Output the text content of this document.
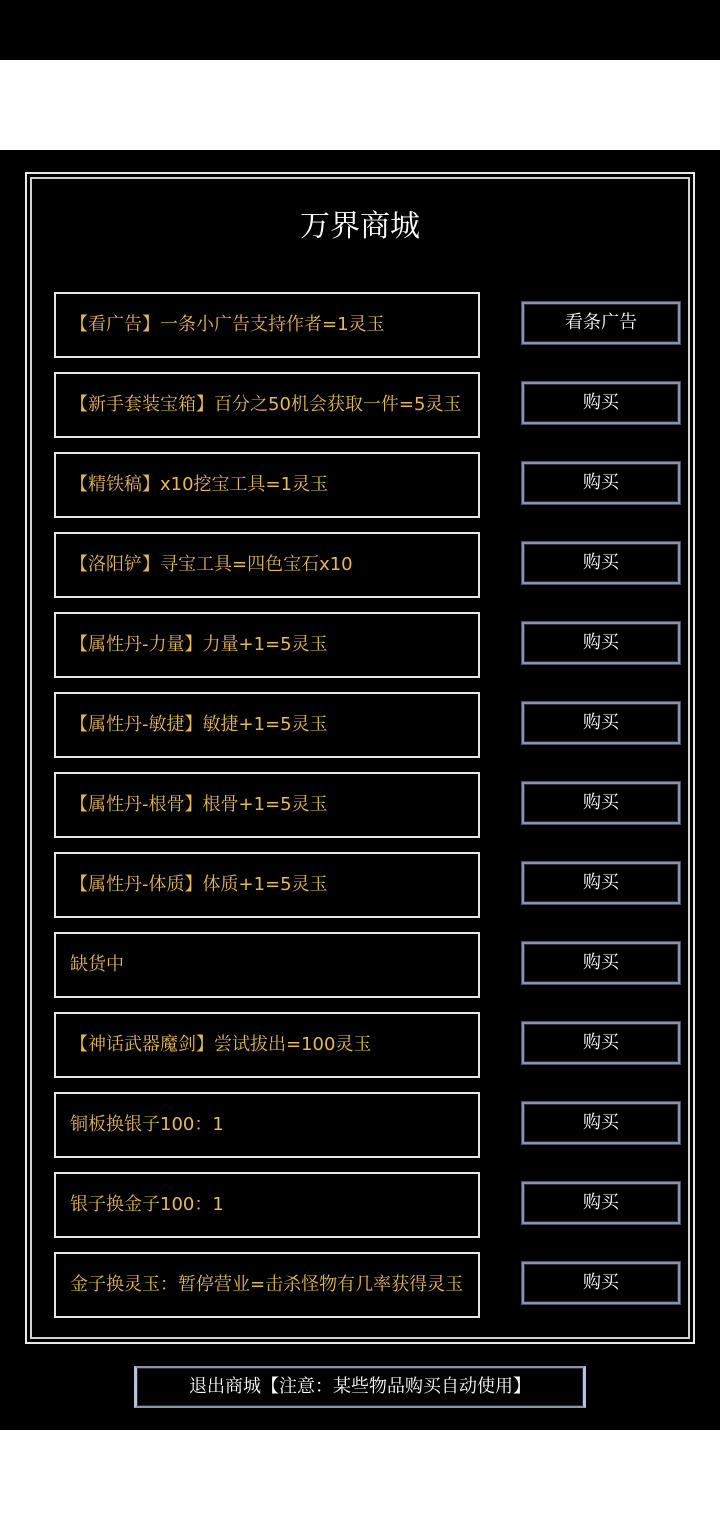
万界商城
【看广告】一条小广告支持作者=1灵玉	看条广告
【新手套装宝箱】百分之50机会获取一件=5灵玉	购买
【精铁稿】x10挖宝工具=1灵玉	购买
【洛阳铲】寻宝工具=四色宝石x10	购买
【属性丹-力量】力量+1=5灵玉	购买
【属性丹-敏捷】敏捷+1=5灵玉	购买
【属性丹-根骨】根骨+1=5灵玉	购买
【属性丹-体质】体质+1=5灵玉	购买
缺货中	购买
【神话武器魔剑】尝试拔出=100灵玉	购买
铜板换银子100：1	购买
银子换金子100：1	购买
金子换灵玉：暂停营业=击杀怪物有几率获得灵玉	购买
退出商城【注意：某些物品购买自动使用】
